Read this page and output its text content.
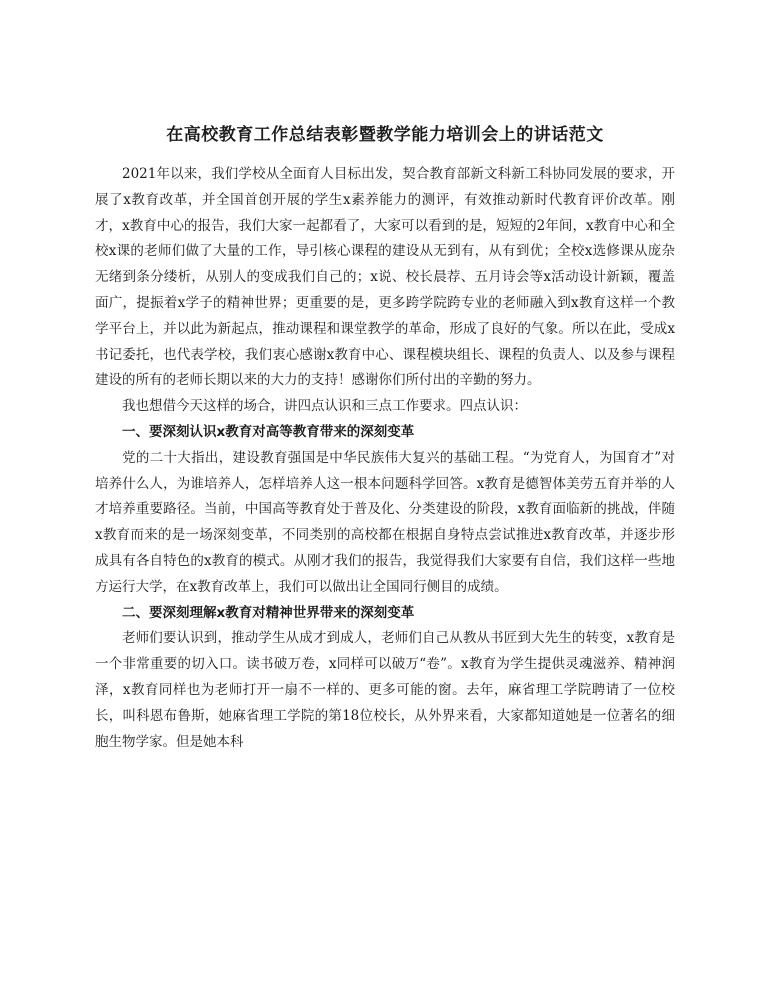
在高校教育工作总结表彰暨教学能力培训会上的讲话范文

2021年以来，我们学校从全面育人目标出发，契合教育部新文科新工科协同发展的要求，开展了x教育改革，并全国首创开展的学生x素养能力的测评，有效推动新时代教育评价改革。刚才，x教育中心的报告，我们大家一起都看了，大家可以看到的是，短短的2年间，x教育中心和全校x课的老师们做了大量的工作，导引核心课程的建设从无到有，从有到优；全校x选修课从庞杂无绪到条分缕析，从别人的变成我们自己的；x说、校长晨荐、五月诗会等x活动设计新颖，覆盖面广，提振着x学子的精神世界；更重要的是，更多跨学院跨专业的老师融入到x教育这样一个教学平台上，并以此为新起点，推动课程和课堂教学的革命，形成了良好的气象。所以在此，受成x书记委托，也代表学校，我们衷心感谢x教育中心、课程模块组长、课程的负责人、以及参与课程建设的所有的老师长期以来的大力的支持！感谢你们所付出的辛勤的努力。

我也想借今天这样的场合，讲四点认识和三点工作要求。四点认识：

一、要深刻认识x教育对高等教育带来的深刻变革

党的二十大指出，建设教育强国是中华民族伟大复兴的基础工程。“为党育人，为国育才”对培养什么人，为谁培养人，怎样培养人这一根本问题科学回答。x教育是德智体美劳五育并举的人才培养重要路径。当前，中国高等教育处于普及化、分类建设的阶段，x教育面临新的挑战，伴随x教育而来的是一场深刻变革，不同类别的高校都在根据自身特点尝试推进x教育改革，并逐步形成具有各自特色的x教育的模式。从刚才我们的报告，我觉得我们大家要有自信，我们这样一些地方运行大学，在x教育改革上，我们可以做出让全国同行侧目的成绩。

二、要深刻理解x教育对精神世界带来的深刻变革

老师们要认识到，推动学生从成才到成人，老师们自己从教从书匠到大先生的转变，x教育是一个非常重要的切入口。读书破万卷，x同样可以破万“卷”。x教育为学生提供灵魂滋养、精神润泽，x教育同样也为老师打开一扇不一样的、更多可能的窗。去年，麻省理工学院聘请了一位校长，叫科恩布鲁斯，她麻省理工学院的第18位校长，从外界来看，大家都知道她是一位著名的细胞生物学家。但是她本科
